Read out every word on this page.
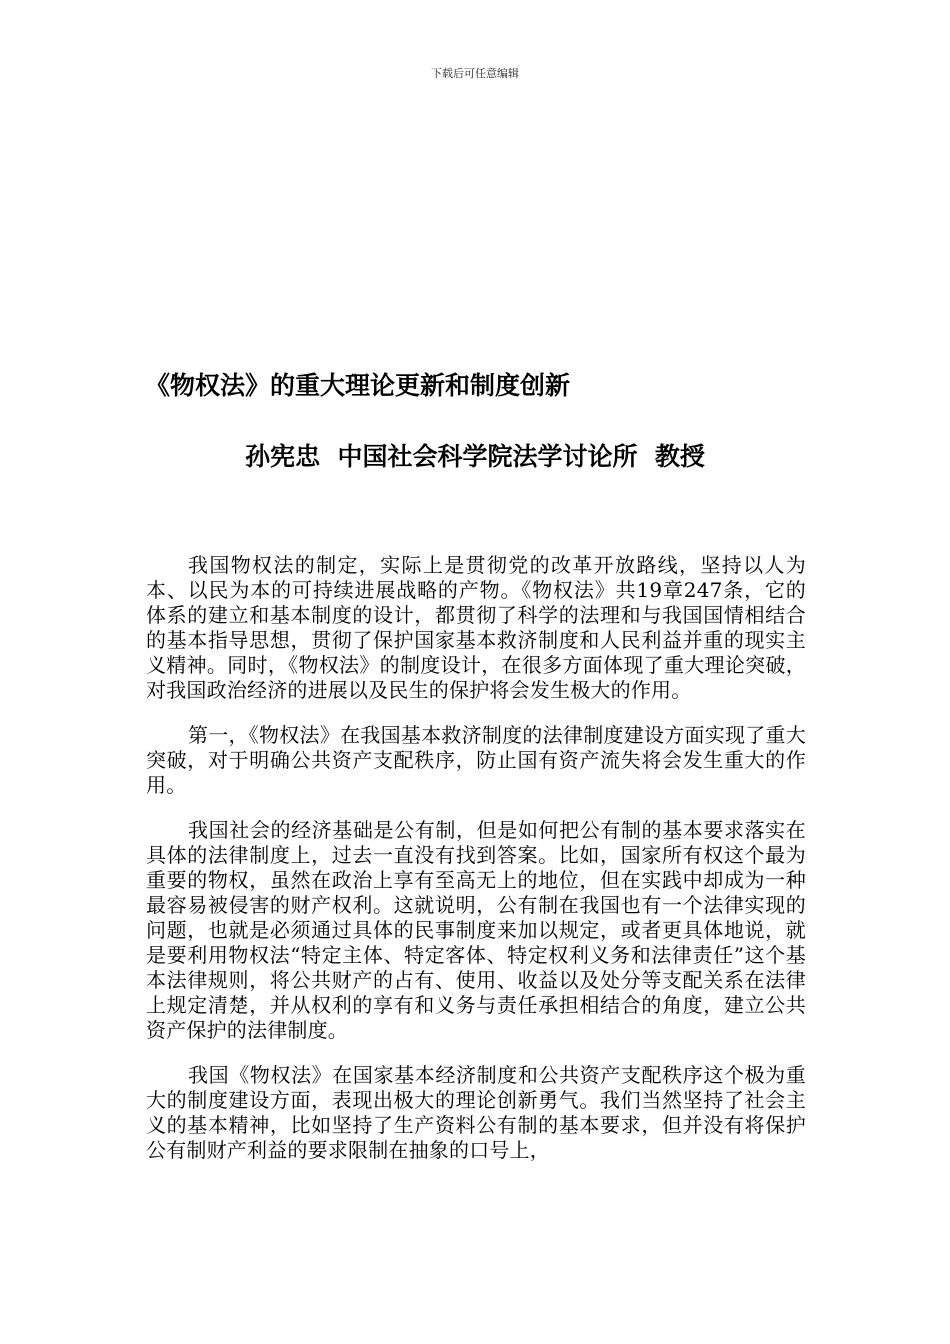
下载后可任意编辑
《物权法》的重大理论更新和制度创新
孙宪忠  中国社会科学院法学讨论所  教授

我国物权法的制定，实际上是贯彻党的改革开放路线，坚持以人为本、以民为本的可持续进展战略的产物。《物权法》共19章247条，它的体系的建立和基本制度的设计，都贯彻了科学的法理和与我国国情相结合的基本指导思想，贯彻了保护国家基本救济制度和人民利益并重的现实主义精神。同时，《物权法》的制度设计，在很多方面体现了重大理论突破，对我国政治经济的进展以及民生的保护将会发生极大的作用。

第一，《物权法》在我国基本救济制度的法律制度建设方面实现了重大突破，对于明确公共资产支配秩序，防止国有资产流失将会发生重大的作用。

我国社会的经济基础是公有制，但是如何把公有制的基本要求落实在具体的法律制度上，过去一直没有找到答案。比如，国家所有权这个最为重要的物权，虽然在政治上享有至高无上的地位，但在实践中却成为一种最容易被侵害的财产权利。这就说明，公有制在我国也有一个法律实现的问题，也就是必须通过具体的民事制度来加以规定，或者更具体地说，就是要利用物权法“特定主体、特定客体、特定权利义务和法律责任”这个基本法律规则，将公共财产的占有、使用、收益以及处分等支配关系在法律上规定清楚，并从权利的享有和义务与责任承担相结合的角度，建立公共资产保护的法律制度。

我国《物权法》在国家基本经济制度和公共资产支配秩序这个极为重大的制度建设方面，表现出极大的理论创新勇气。我们当然坚持了社会主义的基本精神，比如坚持了生产资料公有制的基本要求，但并没有将保护公有制财产利益的要求限制在抽象的口号上，
